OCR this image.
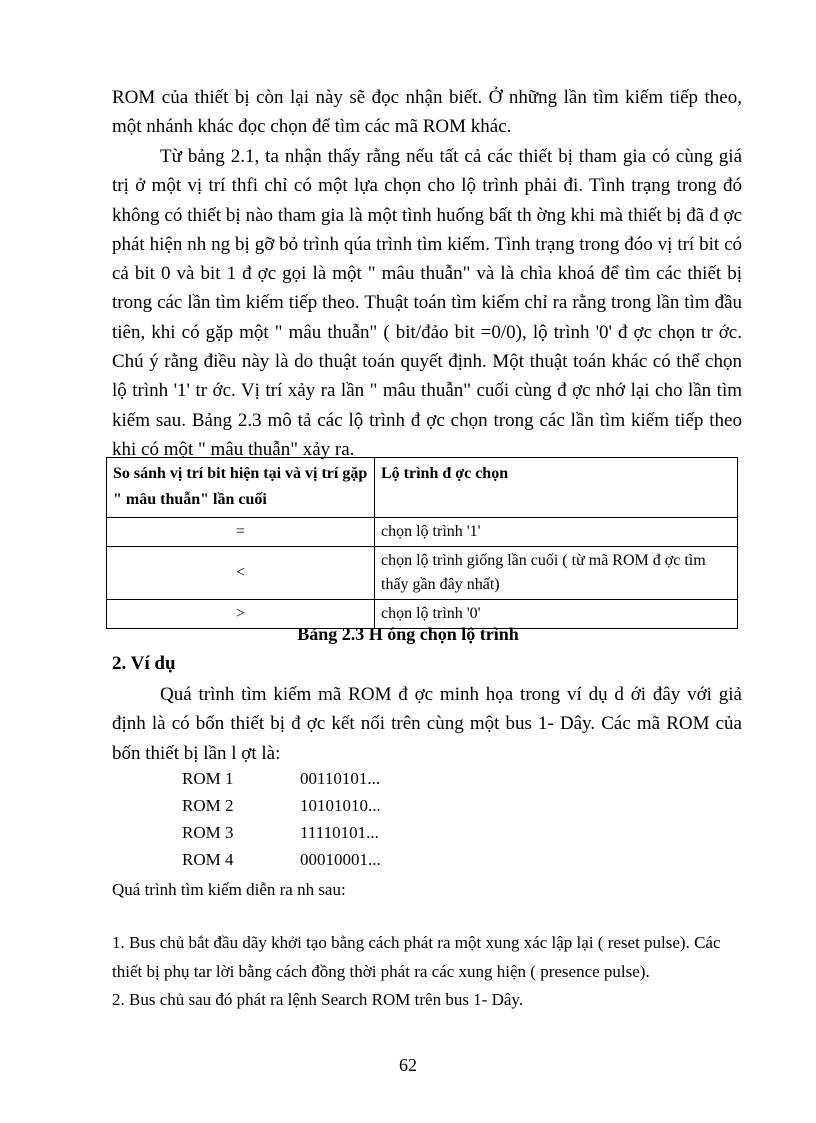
ROM của thiết bị còn lại này sẽ đọc nhận biết. Ở những lần tìm kiếm tiếp theo, một nhánh khác đọc chọn để tìm các mã ROM khác.

Từ bảng 2.1, ta nhận thấy rằng nếu tất cả các thiết bị tham gia có cùng giá trị ở một vị trí thfi chỉ có một lựa chọn cho lộ trình phải đi. Tình trạng trong đó không có thiết bị nào tham gia là một tình huống bất th ờng khi mà thiết bị đã đ ợc phát hiện nh ng bị gỡ bỏ trình qúa trình tìm kiếm. Tình trạng trong đóo vị trí bit có cả bit 0 và bit 1 đ ợc gọi là một " mâu thuẫn" và là chìa khoá để tìm các thiết bị trong các lần tìm kiếm tiếp theo. Thuật toán tìm kiếm chỉ ra rằng trong lần tìm đầu tiên, khi có gặp một " mâu thuẫn" ( bit/đảo bit =0/0), lộ trình '0' đ ợc chọn tr ớc. Chú ý rằng điều này là do thuật toán quyết định. Một thuật toán khác có thể chọn lộ trình '1' tr ớc. Vị trí xảy ra lần " mâu thuẫn" cuối cùng đ ợc nhớ lại cho lần tìm kiếm sau. Bảng 2.3 mô tả các lộ trình đ ợc chọn trong các lần tìm kiếm tiếp theo khi có một " mâu thuẫn" xảy ra.

So sánh vị trí bit hiện tại và vị trí gặp " mâu thuẫn" lần cuối	Lộ trình đ ợc chọn
=	chọn lộ trình '1'
<	chọn lộ trình giống lần cuối ( từ mã ROM đ ợc tìm thấy gần đây nhất)
>	chọn lộ trình '0'

Bảng 2.3 H óng chọn lộ trình

2. Ví dụ

Quá trình tìm kiếm mã ROM đ ợc minh họa trong ví dụ d ới đây với giả định là có bốn thiết bị đ ợc kết nối trên cùng một bus 1- Dây. Các mã ROM của bốn thiết bị lần l ợt là:

ROM 1	00110101...
ROM 2	10101010...
ROM 3	11110101...
ROM 4	00010001...

Quá trình tìm kiếm diễn ra nh sau:

1. Bus chủ bắt đầu dãy khởi tạo bằng cách phát ra một xung xác lập lại ( reset pulse). Các thiết bị phụ tar lời bằng cách đồng thời phát ra các xung hiện ( presence pulse).

2. Bus chủ sau đó phát ra lệnh Search ROM trên bus 1- Dây.

62
